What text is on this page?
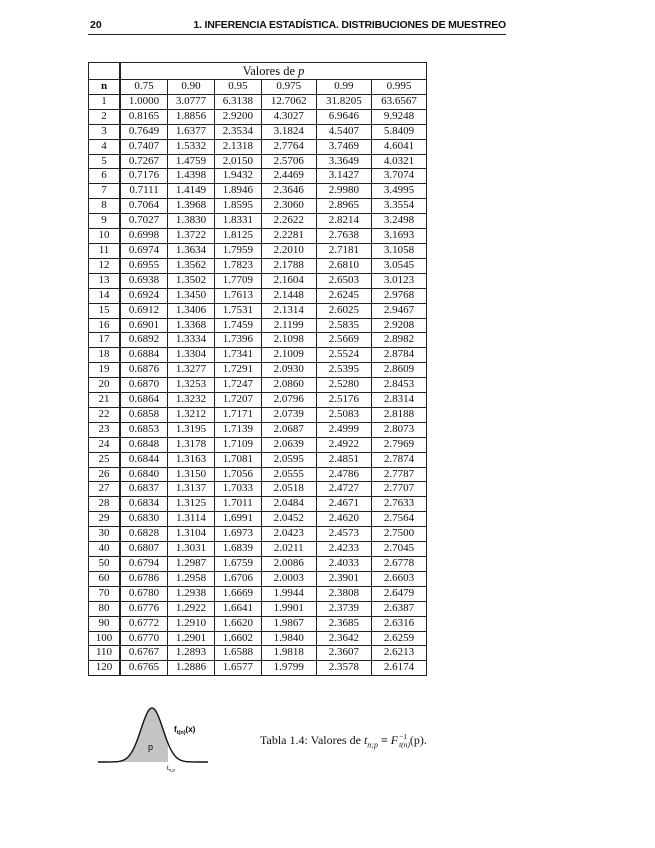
20	1. INFERENCIA ESTADÍSTICA. DISTRIBUCIONES DE MUESTREO
	Valores de p					
n	0.75	0.90	0.95	0.975	0.99	0.995
1	1.0000	3.0777	6.3138	12.7062	31.8205	63.6567
2	0.8165	1.8856	2.9200	4.3027	6.9646	9.9248
3	0.7649	1.6377	2.3534	3.1824	4.5407	5.8409
4	0.7407	1.5332	2.1318	2.7764	3.7469	4.6041
5	0.7267	1.4759	2.0150	2.5706	3.3649	4.0321
6	0.7176	1.4398	1.9432	2.4469	3.1427	3.7074
7	0.7111	1.4149	1.8946	2.3646	2.9980	3.4995
8	0.7064	1.3968	1.8595	2.3060	2.8965	3.3554
9	0.7027	1.3830	1.8331	2.2622	2.8214	3.2498
10	0.6998	1.3722	1.8125	2.2281	2.7638	3.1693
11	0.6974	1.3634	1.7959	2.2010	2.7181	3.1058
12	0.6955	1.3562	1.7823	2.1788	2.6810	3.0545
13	0.6938	1.3502	1.7709	2.1604	2.6503	3.0123
14	0.6924	1.3450	1.7613	2.1448	2.6245	2.9768
15	0.6912	1.3406	1.7531	2.1314	2.6025	2.9467
16	0.6901	1.3368	1.7459	2.1199	2.5835	2.9208
17	0.6892	1.3334	1.7396	2.1098	2.5669	2.8982
18	0.6884	1.3304	1.7341	2.1009	2.5524	2.8784
19	0.6876	1.3277	1.7291	2.0930	2.5395	2.8609
20	0.6870	1.3253	1.7247	2.0860	2.5280	2.8453
21	0.6864	1.3232	1.7207	2.0796	2.5176	2.8314
22	0.6858	1.3212	1.7171	2.0739	2.5083	2.8188
23	0.6853	1.3195	1.7139	2.0687	2.4999	2.8073
24	0.6848	1.3178	1.7109	2.0639	2.4922	2.7969
25	0.6844	1.3163	1.7081	2.0595	2.4851	2.7874
26	0.6840	1.3150	1.7056	2.0555	2.4786	2.7787
27	0.6837	1.3137	1.7033	2.0518	2.4727	2.7707
28	0.6834	1.3125	1.7011	2.0484	2.4671	2.7633
29	0.6830	1.3114	1.6991	2.0452	2.4620	2.7564
30	0.6828	1.3104	1.6973	2.0423	2.4573	2.7500
40	0.6807	1.3031	1.6839	2.0211	2.4233	2.7045
50	0.6794	1.2987	1.6759	2.0086	2.4033	2.6778
60	0.6786	1.2958	1.6706	2.0003	2.3901	2.6603
70	0.6780	1.2938	1.6669	1.9944	2.3808	2.6479
80	0.6776	1.2922	1.6641	1.9901	2.3739	2.6387
90	0.6772	1.2910	1.6620	1.9867	2.3685	2.6316
100	0.6770	1.2901	1.6602	1.9840	2.3642	2.6259
110	0.6767	1.2893	1.6588	1.9818	2.3607	2.6213
120	0.6765	1.2886	1.6577	1.9799	2.3578	2.6174
p
$f_{t(n)}(x)$
$t_{n,p}$
Tabla 1.4: Valores de $t_{n;p} \equiv F -1$
t(n) (p).
